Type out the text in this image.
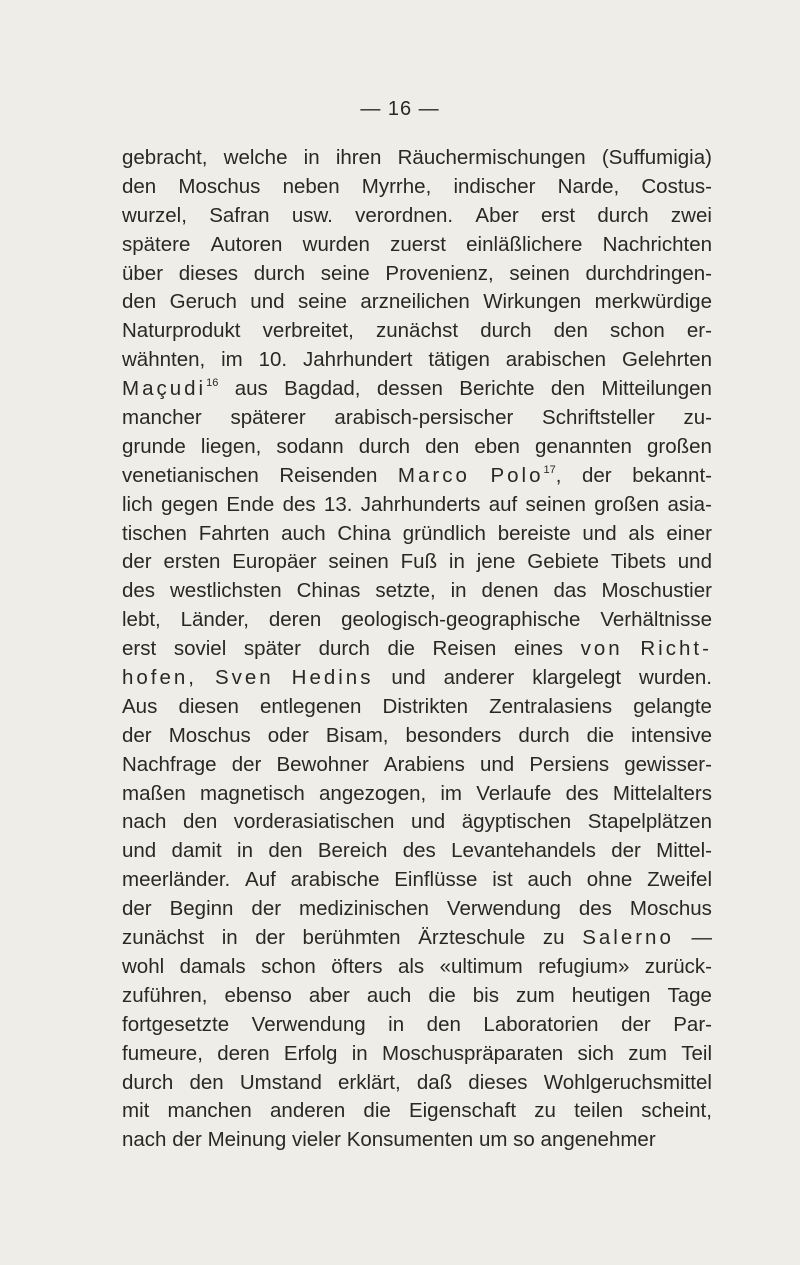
— 16 —
gebracht, welche in ihren Räuchermischungen (Suffumigia)
den Moschus neben Myrrhe, indischer Narde, Costus-
wurzel, Safran usw. verordnen. Aber erst durch zwei
spätere Autoren wurden zuerst einläßlichere Nachrichten
über dieses durch seine Provenienz, seinen durchdringen-
den Geruch und seine arzneilichen Wirkungen merkwürdige
Naturprodukt verbreitet, zunächst durch den schon er-
wähnten, im 10. Jahrhundert tätigen arabischen Gelehrten
Maçudi$^{16}$ aus Bagdad, dessen Berichte den Mitteilungen
mancher späterer arabisch-persischer Schriftsteller zu-
grunde liegen, sodann durch den eben genannten großen
venetianischen Reisenden Marco Polo$^{17}$, der bekannt-
lich gegen Ende des 13. Jahrhunderts auf seinen großen asia-
tischen Fahrten auch China gründlich bereiste und als einer
der ersten Europäer seinen Fuß in jene Gebiete Tibets und
des westlichsten Chinas setzte, in denen das Moschustier
lebt, Länder, deren geologisch-geographische Verhältnisse
erst soviel später durch die Reisen eines von Richt-
hofen, Sven Hedins und anderer klargelegt wurden.
Aus diesen entlegenen Distrikten Zentralasiens gelangte
der Moschus oder Bisam, besonders durch die intensive
Nachfrage der Bewohner Arabiens und Persiens gewisser-
maßen magnetisch angezogen, im Verlaufe des Mittelalters
nach den vorderasiatischen und ägyptischen Stapelplätzen
und damit in den Bereich des Levantehandels der Mittel-
meerländer. Auf arabische Einflüsse ist auch ohne Zweifel
der Beginn der medizinischen Verwendung des Moschus
zunächst in der berühmten Ärzteschule zu Salerno —
wohl damals schon öfters als «ultimum refugium» zurück-
zuführen, ebenso aber auch die bis zum heutigen Tage
fortgesetzte Verwendung in den Laboratorien der Par-
fumeure, deren Erfolg in Moschuspräparaten sich zum Teil
durch den Umstand erklärt, daß dieses Wohlgeruchsmittel
mit manchen anderen die Eigenschaft zu teilen scheint,
nach der Meinung vieler Konsumenten um so angenehmer
